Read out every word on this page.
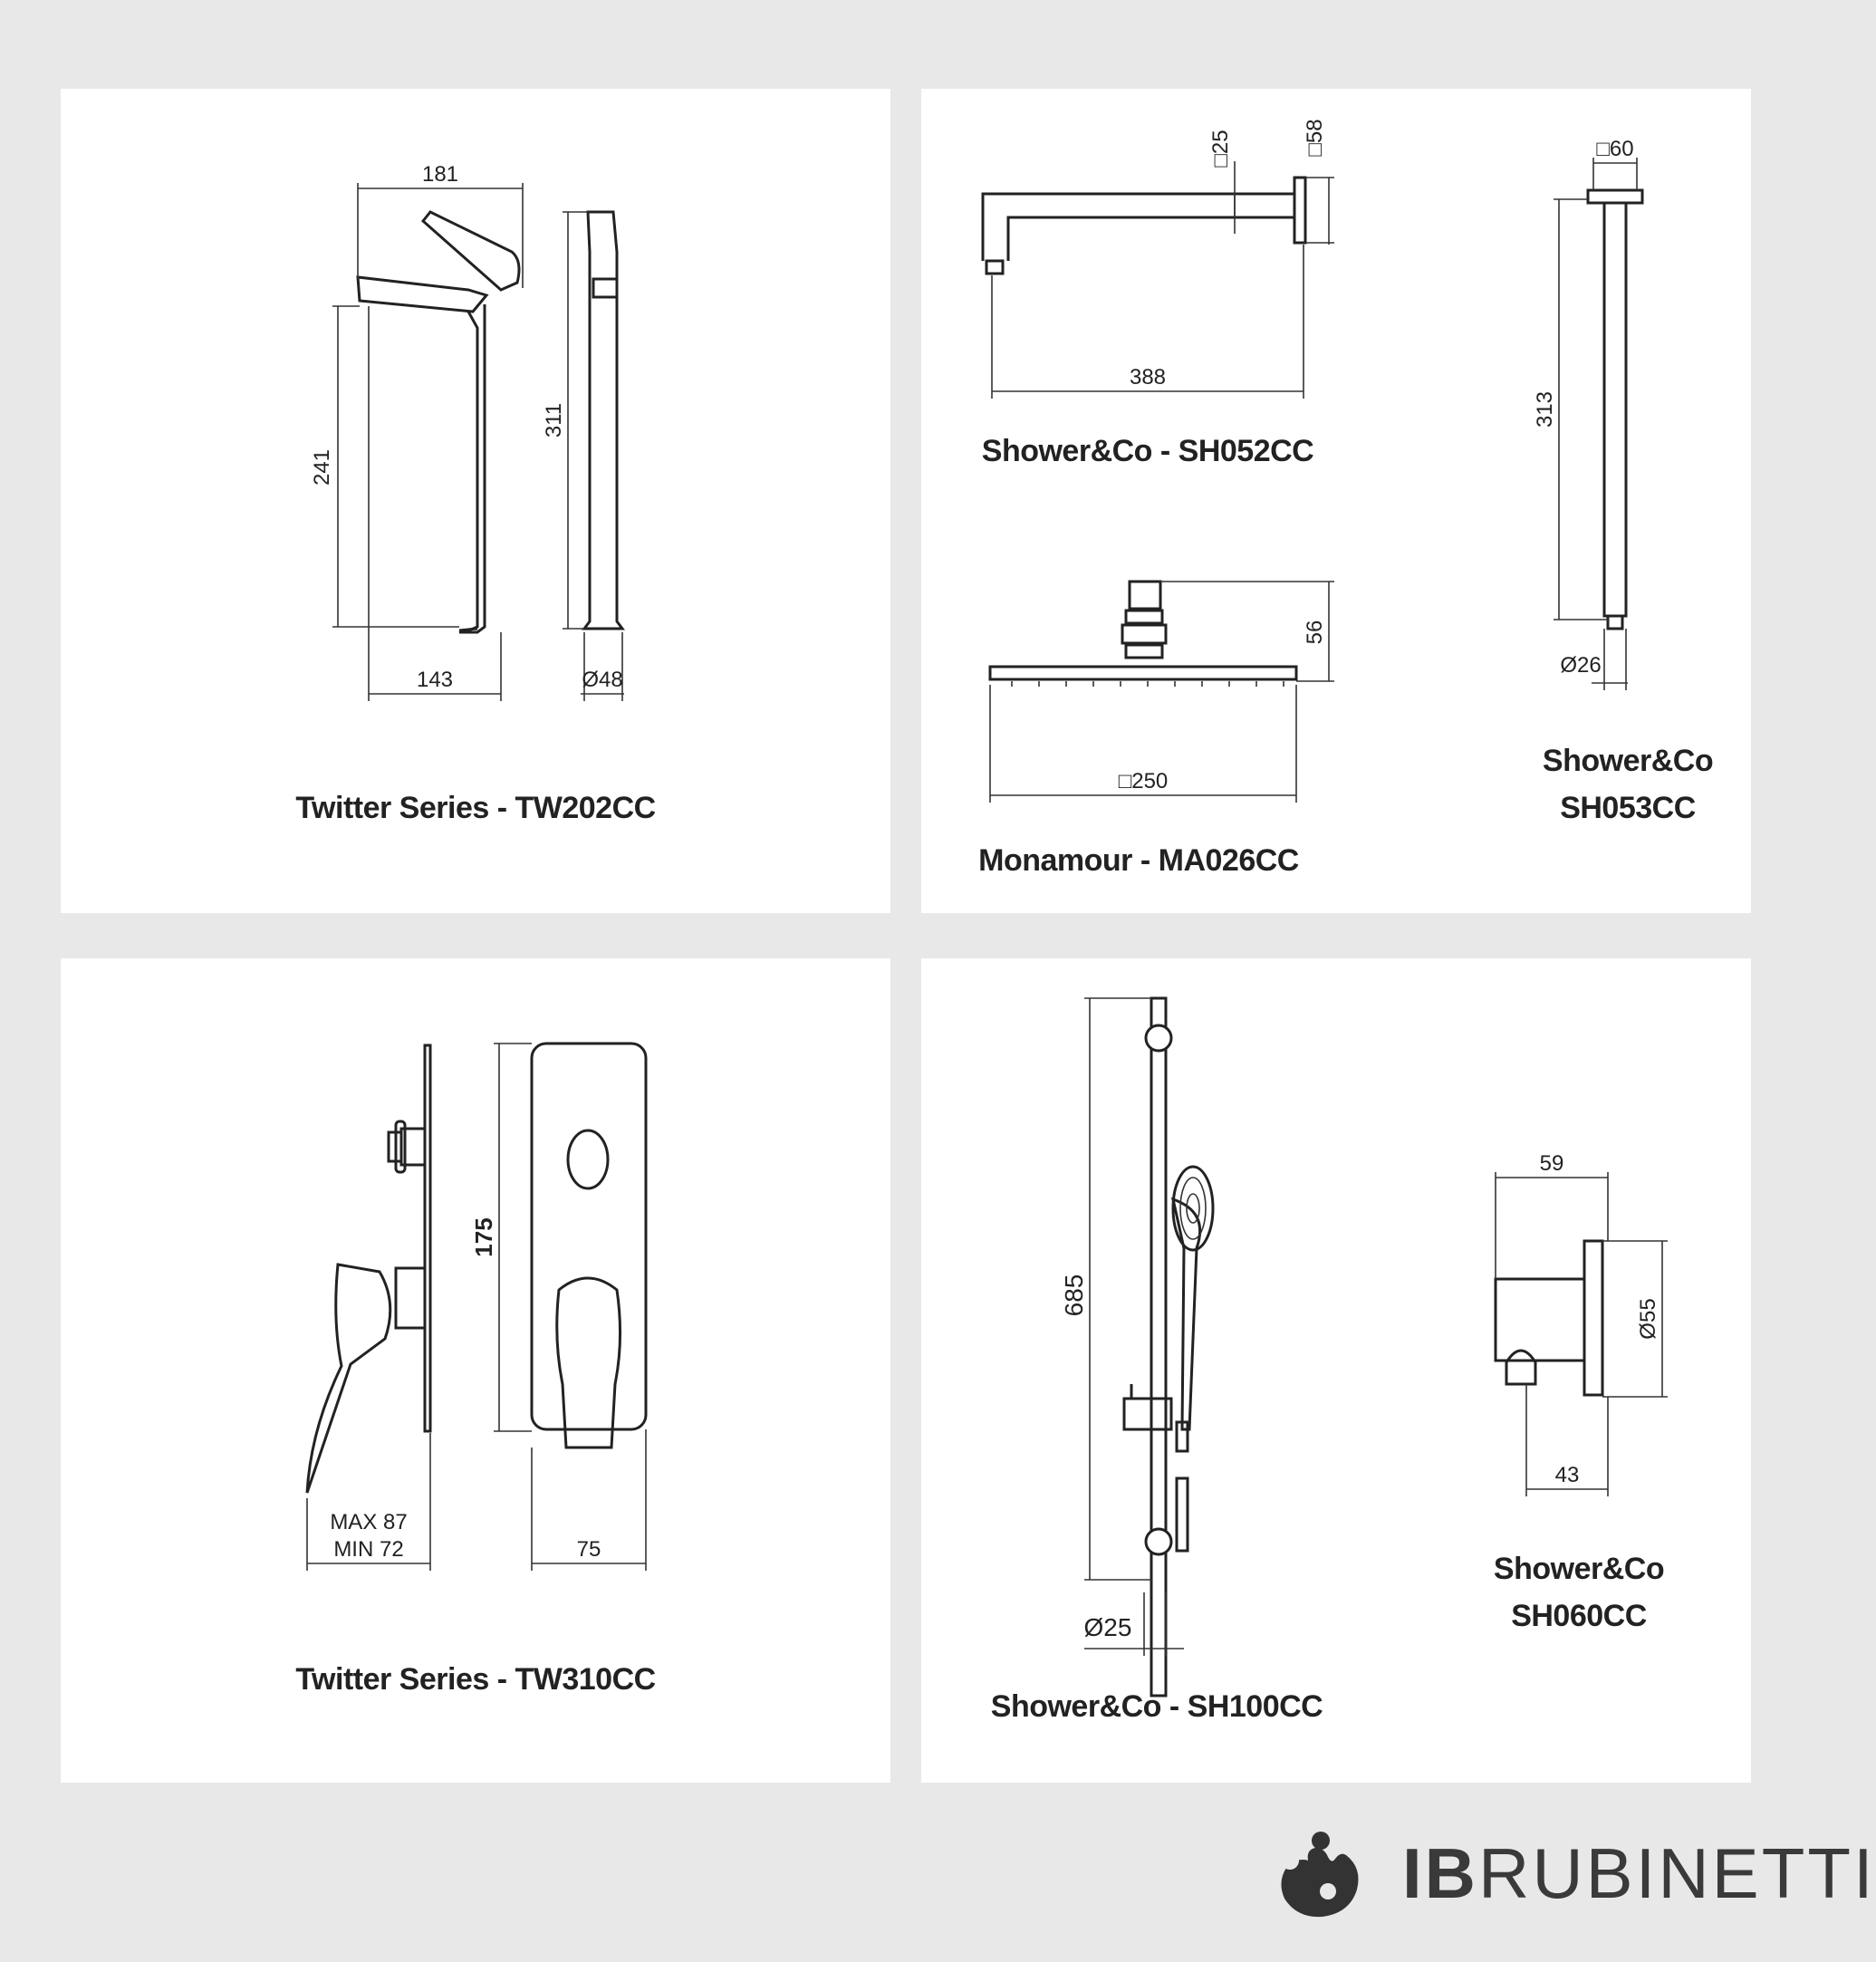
181
241
311
143	Ø48
Twitter Series - TW202CC
□25	□58
388
56
□250
□60
313
Ø26
Shower&Co - SH052CC
Monamour - MA026CC
Shower&Co
SH053CC
175
75
MAX 87
MIN 72
Twitter Series - TW310CC
685
Ø25
59
Ø55
43
Shower&Co - SH100CC
Shower&Co
SH060CC
IBRUBINETTI
